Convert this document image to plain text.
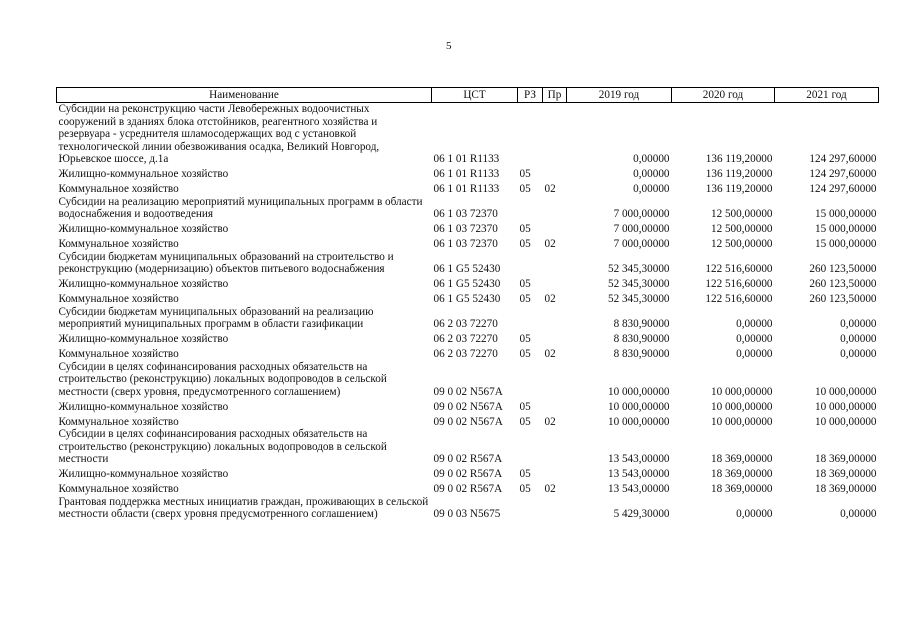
5
Наименование	ЦСТ	РЗ	Пр	2019 год	2020 год	2021 год
Субсидии на реконструкцию части Левобережных водоочистных сооружений в зданиях блока отстойников, реагентного хозяйства и резервуара - усреднителя шламосодержащих вод с установкой технологической линии обезвоживания осадка, Великий Новгород, Юрьевское шоссе, д.1а	06 1 01 R1133			0,00000	136 119,20000	124 297,60000
Жилищно-коммунальное хозяйство	06 1 01 R1133	05		0,00000	136 119,20000	124 297,60000
Коммунальное хозяйство	06 1 01 R1133	05	02	0,00000	136 119,20000	124 297,60000
Субсидии на реализацию мероприятий муниципальных программ в области водоснабжения и водоотведения	06 1 03 72370			7 000,00000	12 500,00000	15 000,00000
Жилищно-коммунальное хозяйство	06 1 03 72370	05		7 000,00000	12 500,00000	15 000,00000
Коммунальное хозяйство	06 1 03 72370	05	02	7 000,00000	12 500,00000	15 000,00000
Субсидии бюджетам муниципальных образований на строительство и реконструкцию (модернизацию) объектов питьевого водоснабжения	06 1 G5 52430			52 345,30000	122 516,60000	260 123,50000
Жилищно-коммунальное хозяйство	06 1 G5 52430	05		52 345,30000	122 516,60000	260 123,50000
Коммунальное хозяйство	06 1 G5 52430	05	02	52 345,30000	122 516,60000	260 123,50000
Субсидии бюджетам муниципальных образований на реализацию мероприятий муниципальных программ в области газификации	06 2 03 72270			8 830,90000	0,00000	0,00000
Жилищно-коммунальное хозяйство	06 2 03 72270	05		8 830,90000	0,00000	0,00000
Коммунальное хозяйство	06 2 03 72270	05	02	8 830,90000	0,00000	0,00000
Субсидии в целях софинансирования расходных обязательств на строительство (реконструкцию) локальных водопроводов в сельской местности (сверх уровня, предусмотренного соглашением)	09 0 02 N567A			10 000,00000	10 000,00000	10 000,00000
Жилищно-коммунальное хозяйство	09 0 02 N567A	05		10 000,00000	10 000,00000	10 000,00000
Коммунальное хозяйство	09 0 02 N567A	05	02	10 000,00000	10 000,00000	10 000,00000
Субсидии в целях софинансирования расходных обязательств на строительство (реконструкцию) локальных водопроводов в сельской местности	09 0 02 R567A			13 543,00000	18 369,00000	18 369,00000
Жилищно-коммунальное хозяйство	09 0 02 R567A	05		13 543,00000	18 369,00000	18 369,00000
Коммунальное хозяйство	09 0 02 R567A	05	02	13 543,00000	18 369,00000	18 369,00000
Грантовая поддержка местных инициатив граждан, проживающих в сельской местности области (сверх уровня предусмотренного соглашением)	09 0 03 N5675			5 429,30000	0,00000	0,00000
